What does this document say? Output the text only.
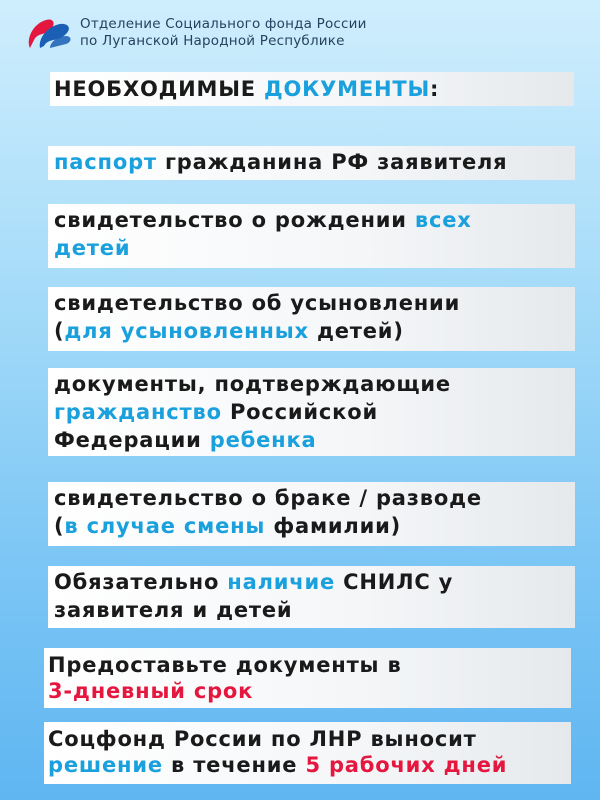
Отделение Социального фонда России
по Луганской Народной Республике
НЕОБХОДИМЫЕ ДОКУМЕНТЫ:
паспорт гражданина РФ заявителя
свидетельство о рождении всех
детей
свидетельство об усыновлении
(для усыновленных детей)
документы, подтверждающие
гражданство Российской
Федерации ребенка
свидетельство о браке / разводе
(в случае смены фамилии)
Обязательно наличие СНИЛС у
заявителя и детей
Предоставьте документы в
3-дневный срок
Соцфонд России по ЛНР выносит
решение в течение 5 рабочих дней
